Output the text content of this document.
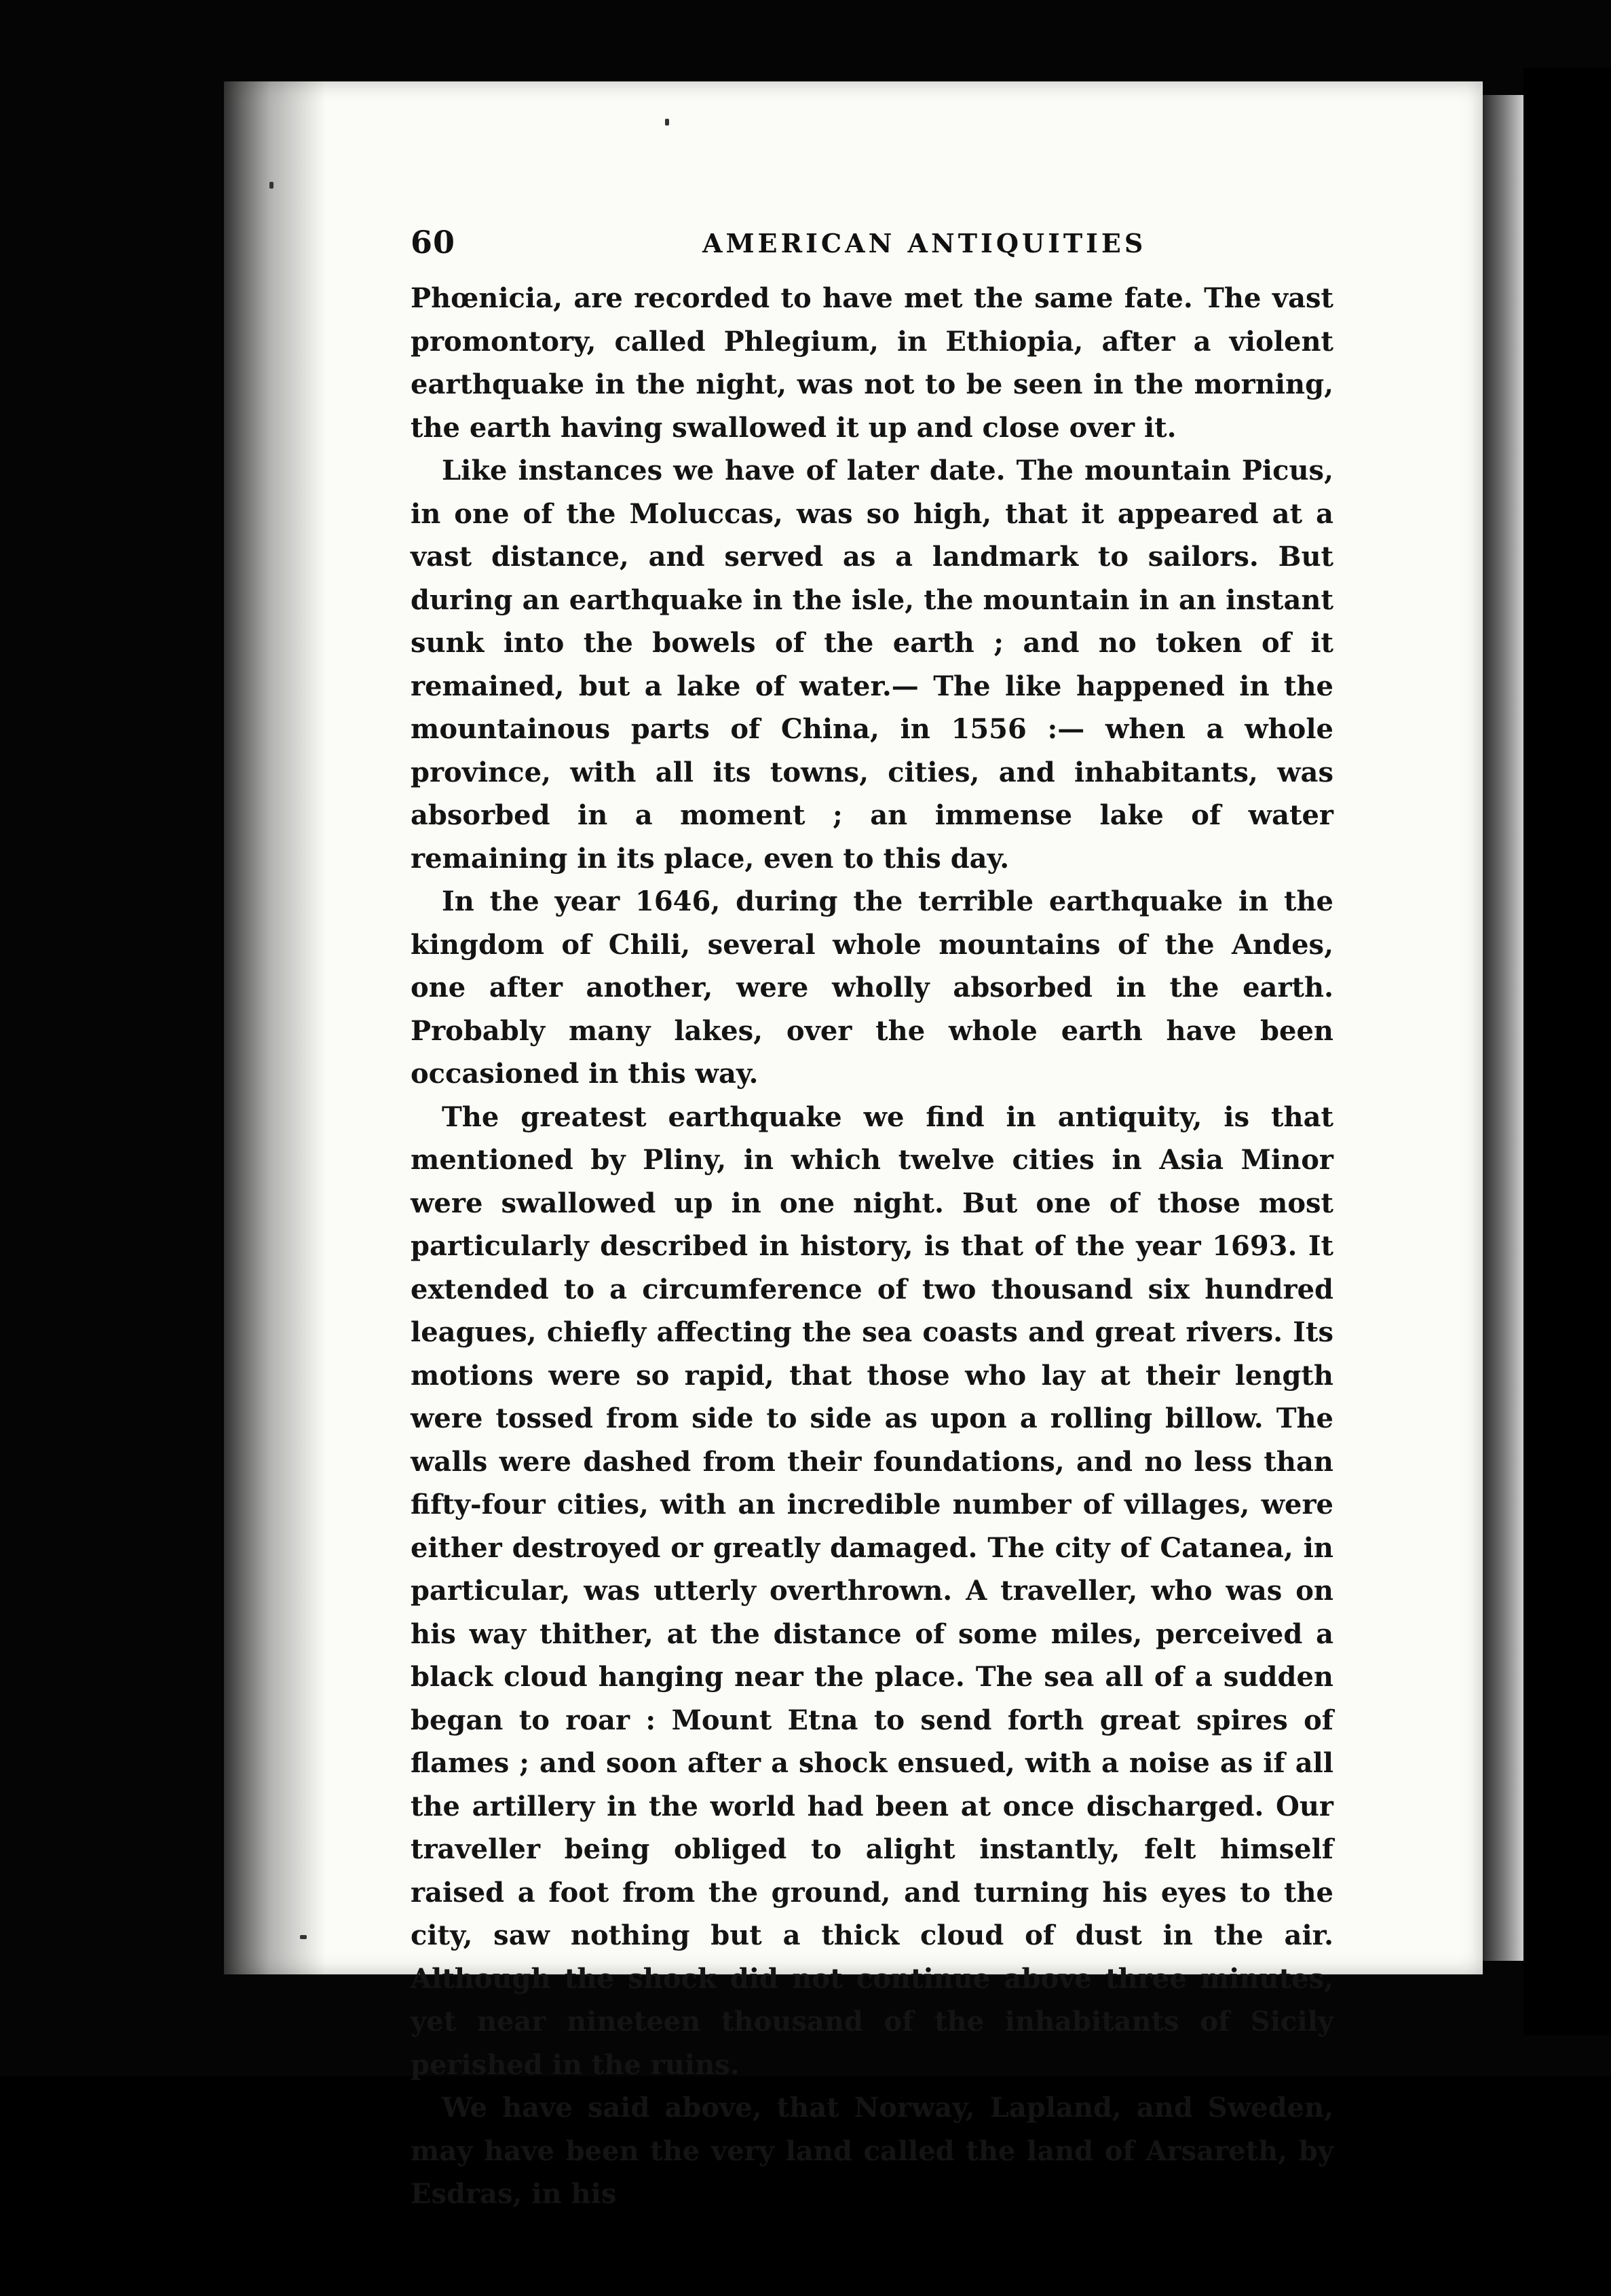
60	AMERICAN ANTIQUITIES

Phœnicia, are recorded to have met the same fate. The vast promontory, called Phlegium, in Ethiopia, after a violent earthquake in the night, was not to be seen in the morning, the earth having swallowed it up and close over it.

Like instances we have of later date. The mountain Picus, in one of the Moluccas, was so high, that it appeared at a vast distance, and served as a landmark to sailors. But during an earthquake in the isle, the mountain in an instant sunk into the bowels of the earth ; and no token of it remained, but a lake of water.— The like happened in the mountainous parts of China, in 1556 :— when a whole province, with all its towns, cities, and inhabitants, was absorbed in a moment ; an immense lake of water remaining in its place, even to this day.

In the year 1646, during the terrible earthquake in the kingdom of Chili, several whole mountains of the Andes, one after another, were wholly absorbed in the earth. Probably many lakes, over the whole earth have been occasioned in this way.

The greatest earthquake we find in antiquity, is that mentioned by Pliny, in which twelve cities in Asia Minor were swallowed up in one night. But one of those most particularly described in history, is that of the year 1693. It extended to a circumference of two thousand six hundred leagues, chiefly affecting the sea coasts and great rivers. Its motions were so rapid, that those who lay at their length were tossed from side to side as upon a rolling billow. The walls were dashed from their foundations, and no less than fifty-four cities, with an incredible number of villages, were either destroyed or greatly damaged. The city of Catanea, in particular, was utterly overthrown. A traveller, who was on his way thither, at the distance of some miles, perceived a black cloud hanging near the place. The sea all of a sudden began to roar : Mount Etna to send forth great spires of flames ; and soon after a shock ensued, with a noise as if all the artillery in the world had been at once discharged. Our traveller being obliged to alight instantly, felt himself raised a foot from the ground, and turning his eyes to the city, saw nothing but a thick cloud of dust in the air. Although the shock did not continue above three minutes, yet near nineteen thousand of the inhabitants of Sicily perished in the ruins.

We have said above, that Norway, Lapland, and Sweden, may have been the very land called the land of Arsareth, by Esdras, in his
